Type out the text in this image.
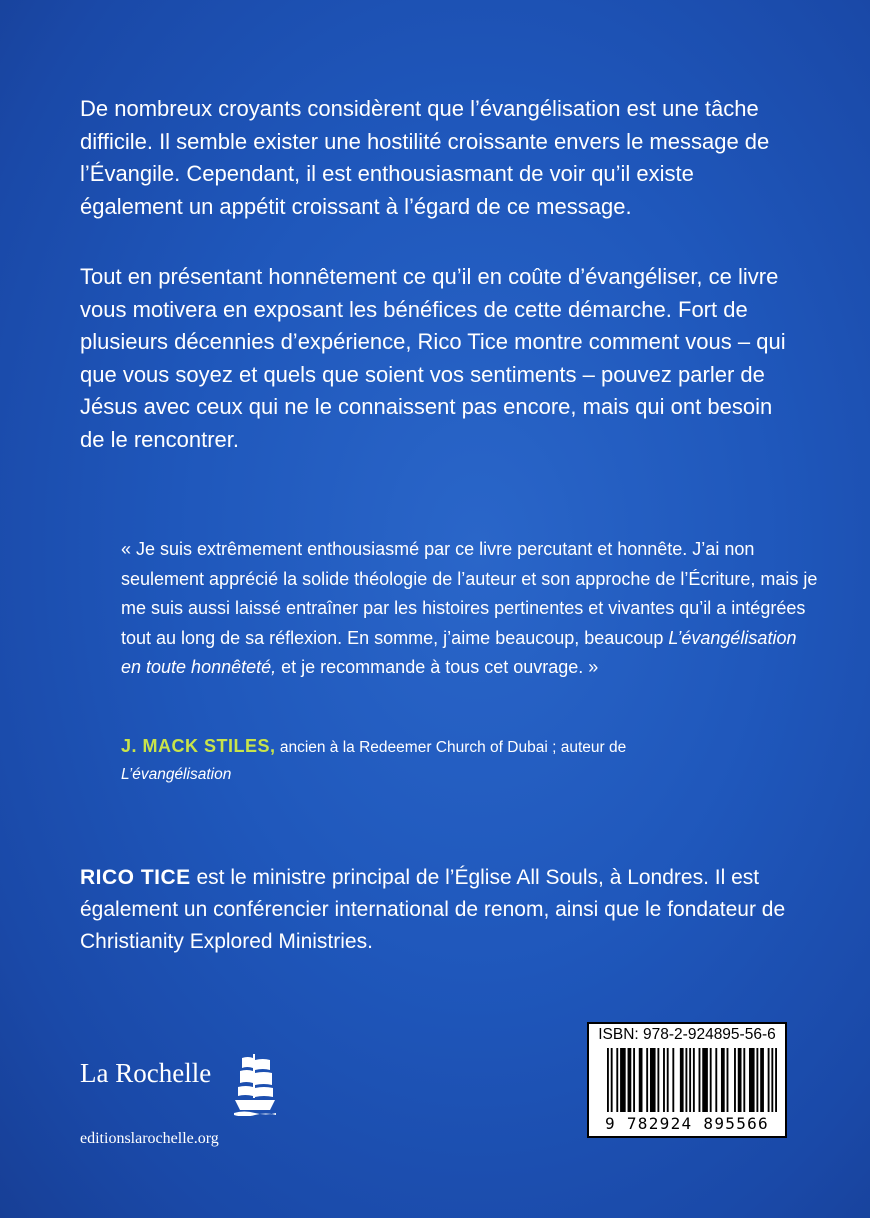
De nombreux croyants considèrent que l’évangélisation est une tâche difficile. Il semble exister une hostilité croissante envers le message de l’Évangile. Cependant, il est enthousiasmant de voir qu’il existe également un appétit croissant à l’égard de ce message.

Tout en présentant honnêtement ce qu’il en coûte d’évangéliser, ce livre vous motivera en exposant les bénéfices de cette démarche. Fort de plusieurs décennies d’expérience, Rico Tice montre comment vous – qui que vous soyez et quels que soient vos sentiments – pouvez parler de Jésus avec ceux qui ne le connaissent pas encore, mais qui ont besoin de le rencontrer.

« Je suis extrêmement enthousiasmé par ce livre percutant et honnête. J’ai non seulement apprécié la solide théologie de l’auteur et son approche de l’Écriture, mais je me suis aussi laissé entraîner par les histoires pertinentes et vivantes qu’il a intégrées tout au long de sa réflexion. En somme, j’aime beaucoup, beaucoup L’évangélisation en toute honnêteté, et je recommande à tous cet ouvrage. »

J. MACK STILES, ancien à la Redeemer Church of Dubai ; auteur de
L’évangélisation

RICO TICE est le ministre principal de l’Église All Souls, à Londres. Il est également un conférencier international de renom, ainsi que le fondateur de Christianity Explored Ministries.

La Rochelle
editionslarochelle.org
ISBN: 978-2-924895-56-6
9 782924 895566
